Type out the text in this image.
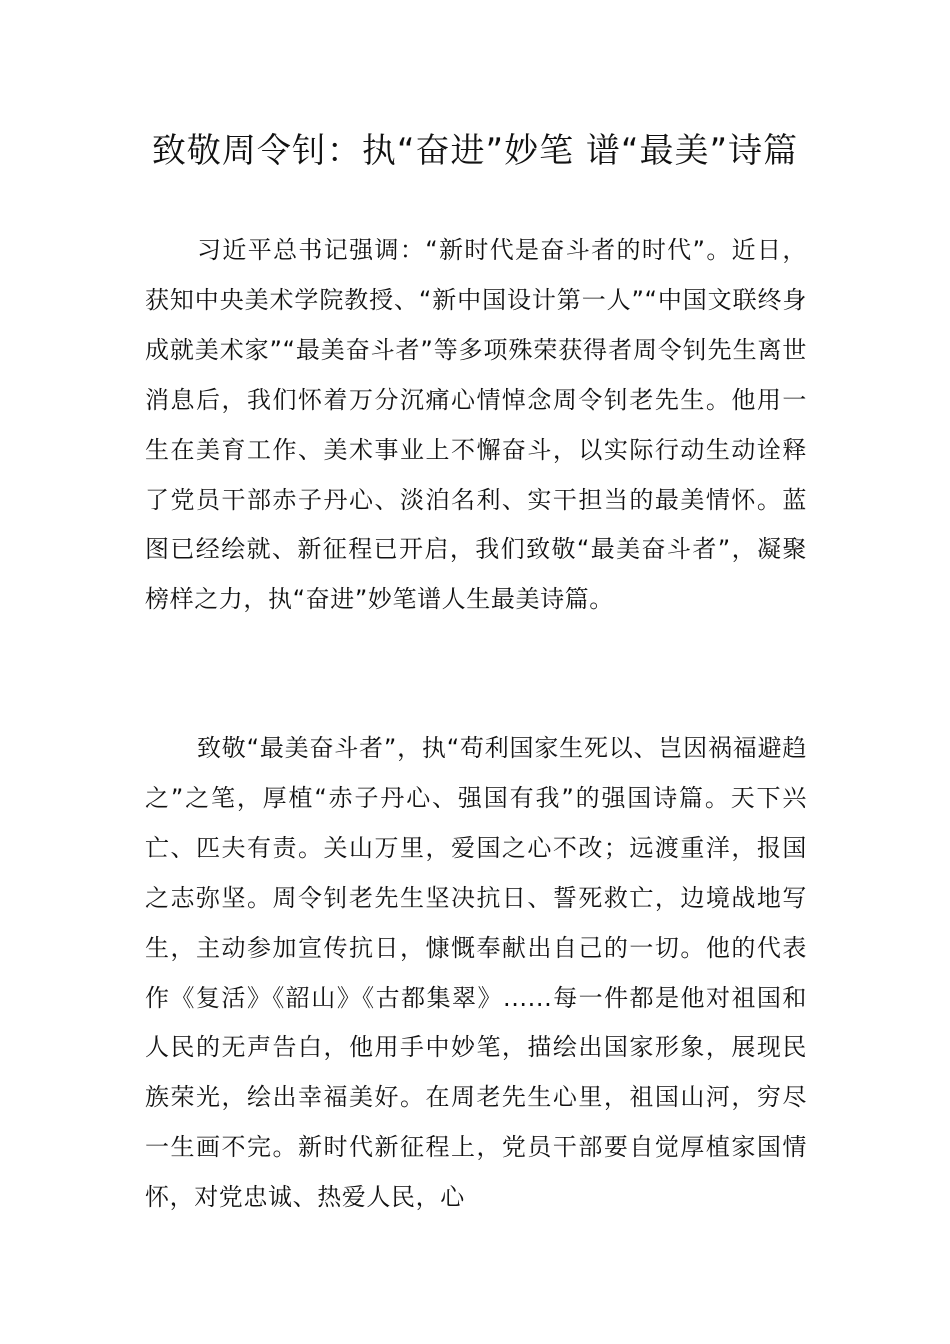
致敬周令钊：执“奋进”妙笔 谱“最美”诗篇

习近平总书记强调：“新时代是奋斗者的时代”。近日，获知中央美术学院教授、“新中国设计第一人”“中国文联终身成就美术家”“最美奋斗者”等多项殊荣获得者周令钊先生离世消息后，我们怀着万分沉痛心情悼念周令钊老先生。他用一生在美育工作、美术事业上不懈奋斗，以实际行动生动诠释了党员干部赤子丹心、淡泊名利、实干担当的最美情怀。蓝图已经绘就、新征程已开启，我们致敬“最美奋斗者”，凝聚榜样之力，执“奋进”妙笔谱人生最美诗篇。

致敬“最美奋斗者”，执“苟利国家生死以、岂因祸福避趋之”之笔，厚植“赤子丹心、强国有我”的强国诗篇。天下兴亡、匹夫有责。关山万里，爱国之心不改；远渡重洋，报国之志弥坚。周令钊老先生坚决抗日、誓死救亡，边境战地写生，主动参加宣传抗日，慷慨奉献出自己的一切。他的代表作《复活》《韶山》《古都集翠》......每一件都是他对祖国和人民的无声告白，他用手中妙笔，描绘出国家形象，展现民族荣光，绘出幸福美好。在周老先生心里，祖国山河，穷尽一生画不完。新时代新征程上，党员干部要自觉厚植家国情怀，对党忠诚、热爱人民，心
